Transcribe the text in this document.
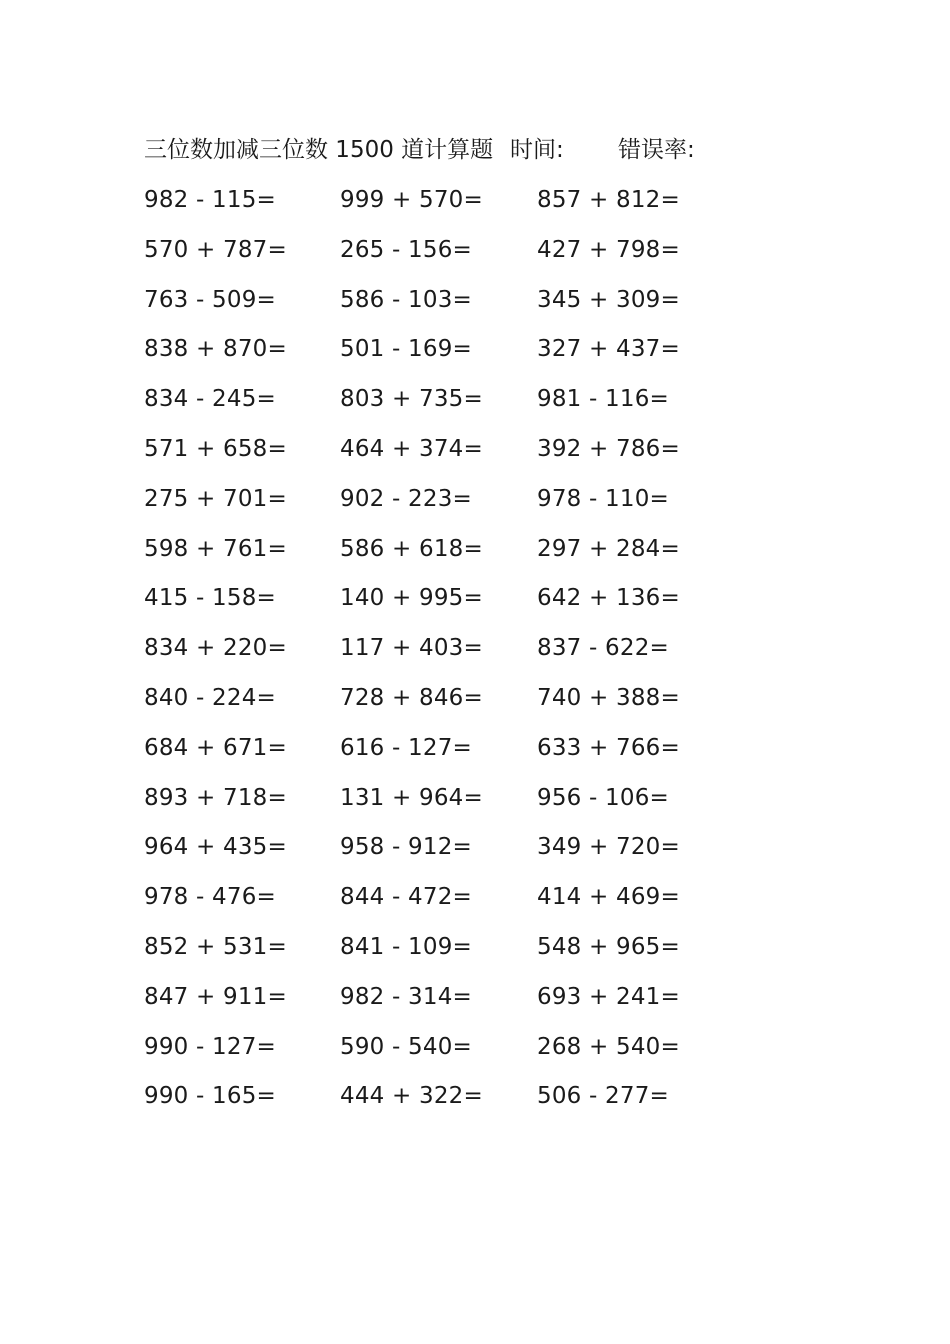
三位数加减三位数 1500 道计算题 时间: 错误率:
982 - 115=	999 + 570= 857 + 812=
570 + 787= 265 - 156=	427 + 798=
763 - 509=	586 - 103=	345 + 309=
838 + 870= 501 - 169=	327 + 437=
834 - 245=	803 + 735= 981 - 116=
571 + 658= 464 + 374= 392 + 786=
275 + 701= 902 - 223=	978 - 110=
598 + 761= 586 + 618= 297 + 284=
415 - 158=	140 + 995= 642 + 136=
834 + 220= 117 + 403= 837 - 622=
840 - 224=	728 + 846= 740 + 388=
684 + 671= 616 - 127=	633 + 766=
893 + 718= 131 + 964= 956 - 106=
964 + 435= 958 - 912=	349 + 720=
978 - 476=	844 - 472=	414 + 469=
852 + 531= 841 - 109=	548 + 965=
847 + 911= 982 - 314=	693 + 241=
990 - 127=	590 - 540=	268 + 540=
990 - 165=	444 + 322= 506 - 277=
